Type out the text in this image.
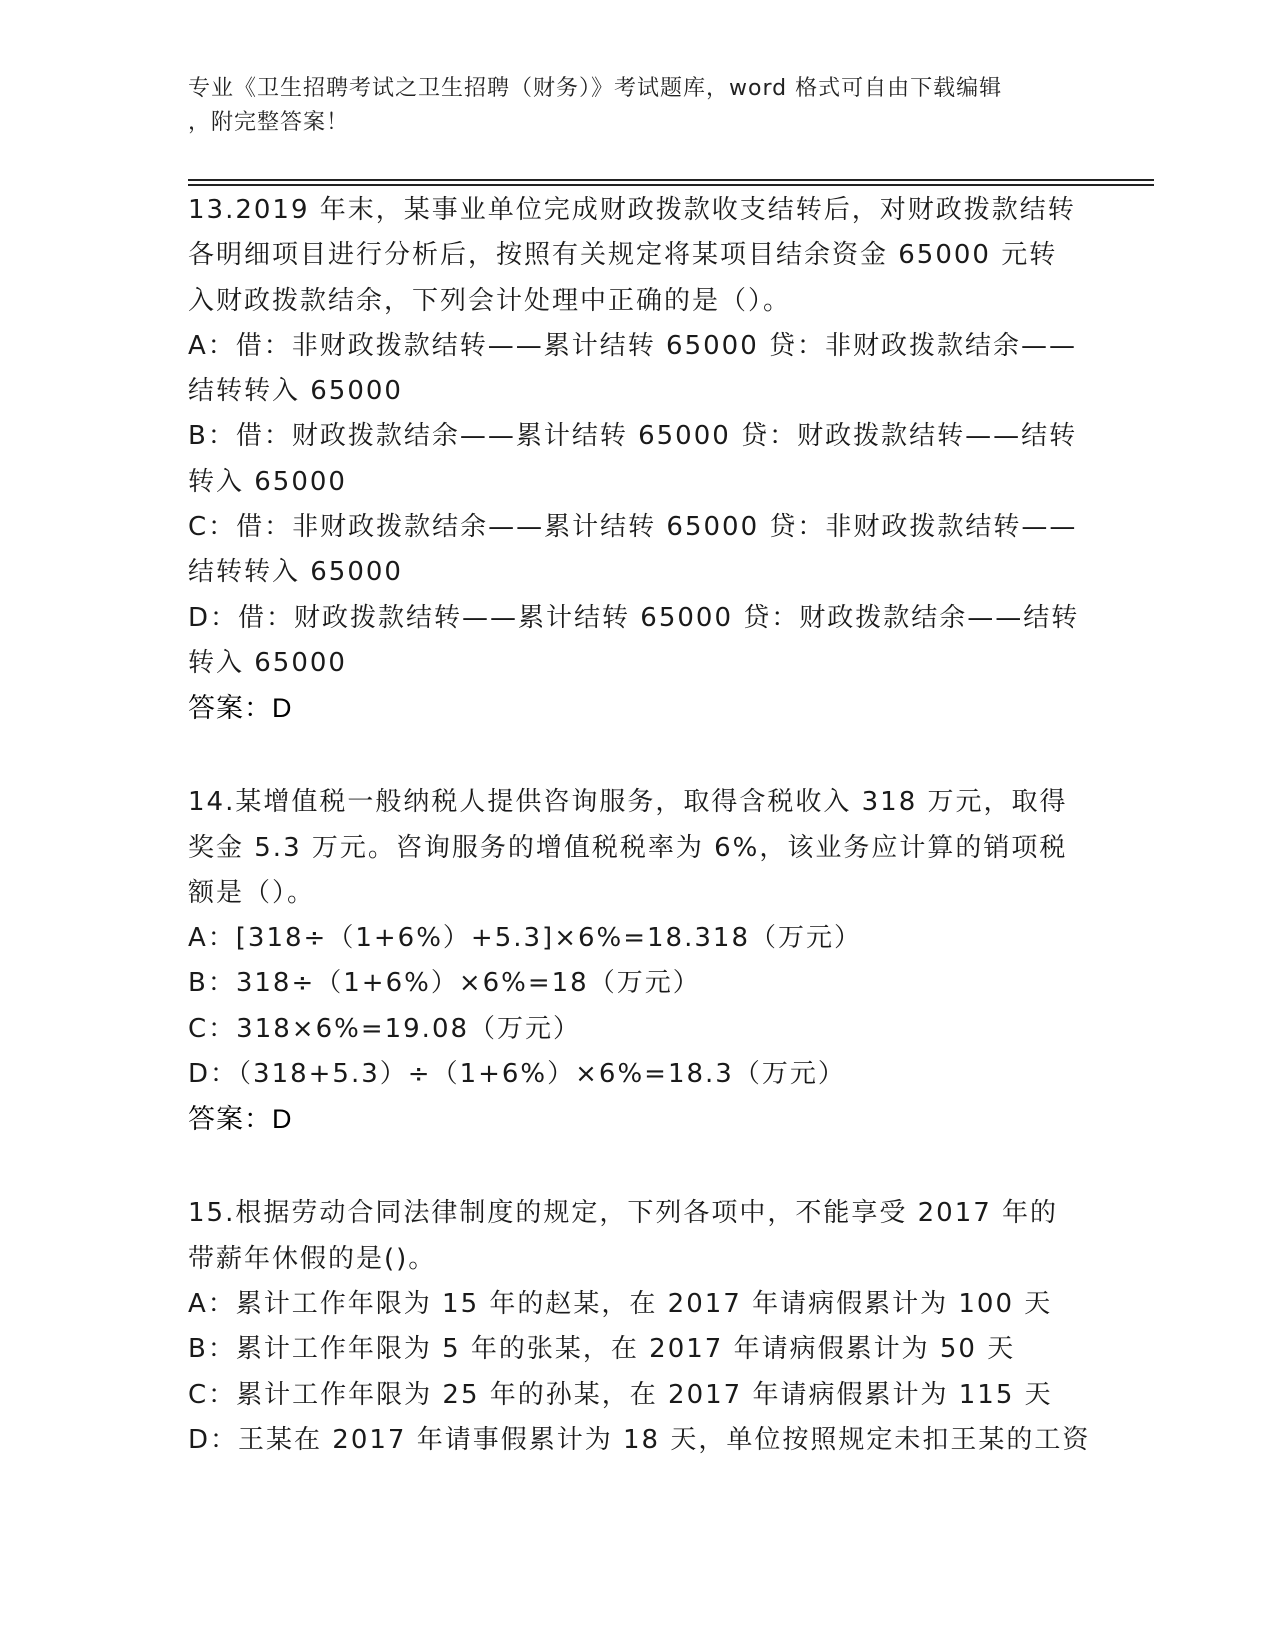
专业《卫生招聘考试之卫生招聘（财务）》考试题库，word 格式可自由下载编辑
，附完整答案！
13.2019 年末，某事业单位完成财政拨款收支结转后，对财政拨款结转
各明细项目进行分析后，按照有关规定将某项目结余资金 65000 元转
入财政拨款结余，下列会计处理中正确的是（）。
A：借：非财政拨款结转——累计结转 65000 贷：非财政拨款结余——
结转转入 65000
B：借：财政拨款结余——累计结转 65000 贷：财政拨款结转——结转
转入 65000
C：借：非财政拨款结余——累计结转 65000 贷：非财政拨款结转——
结转转入 65000
D：借：财政拨款结转——累计结转 65000 贷：财政拨款结余——结转
转入 65000
答案：D
14.某增值税一般纳税人提供咨询服务，取得含税收入 318 万元，取得
奖金 5.3 万元。咨询服务的增值税税率为 6%，该业务应计算的销项税
额是（）。
A：[318÷（1+6%）+5.3]×6%=18.318（万元）
B：318÷（1+6%）×6%=18（万元）
C：318×6%=19.08（万元）
D：（318+5.3）÷（1+6%）×6%=18.3（万元）
答案：D
15.根据劳动合同法律制度的规定，下列各项中，不能享受 2017 年的
带薪年休假的是()。
A：累计工作年限为 15 年的赵某，在 2017 年请病假累计为 100 天
B：累计工作年限为 5 年的张某，在 2017 年请病假累计为 50 天
C：累计工作年限为 25 年的孙某，在 2017 年请病假累计为 115 天
D：王某在 2017 年请事假累计为 18 天，单位按照规定未扣王某的工资
